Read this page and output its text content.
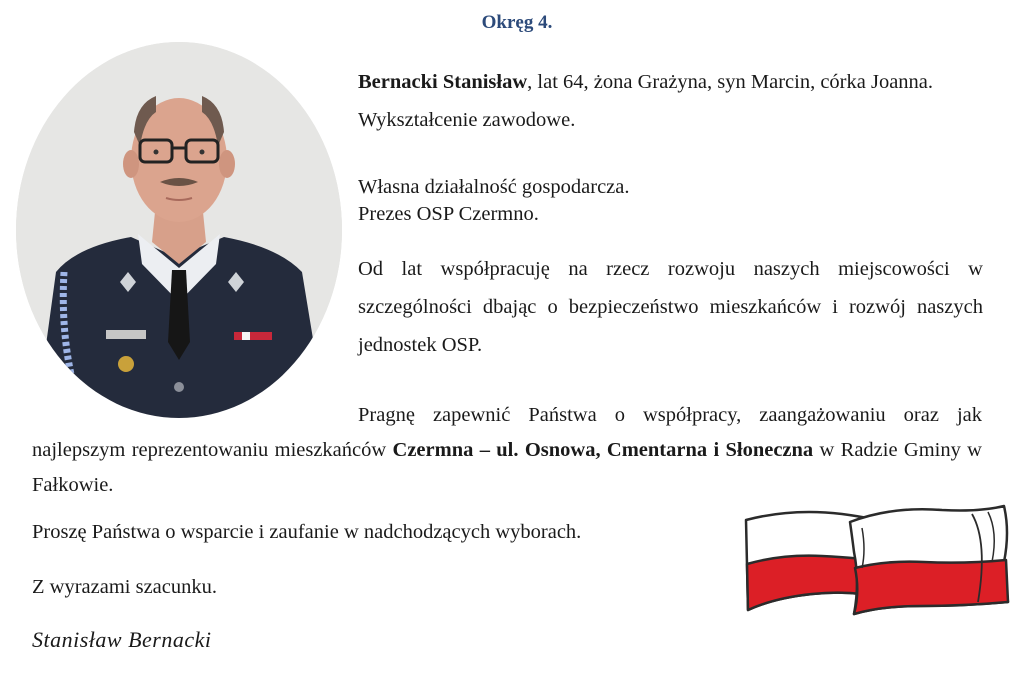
Okręg 4.

Bernacki Stanisław, lat 64, żona Grażyna, syn Marcin, córka Joanna. Wykształcenie zawodowe.

Własna działalność gospodarcza.
Prezes OSP Czermno.

Od lat współpracuję na rzecz rozwoju naszych miejscowości w szczególności dbając o bezpieczeństwo mieszkańców i rozwój naszych jednostek OSP.

Pragnę zapewnić Państwa o współpracy, zaangażowaniu oraz jak najlepszym reprezentowaniu mieszkańców Czermna – ul. Osnowa, Cmentarna i Słoneczna w Radzie Gminy w Fałkowie.

Proszę Państwa o wsparcie i zaufanie w nadchodzących wyborach.

Z wyrazami szacunku.

Stanisław Bernacki
